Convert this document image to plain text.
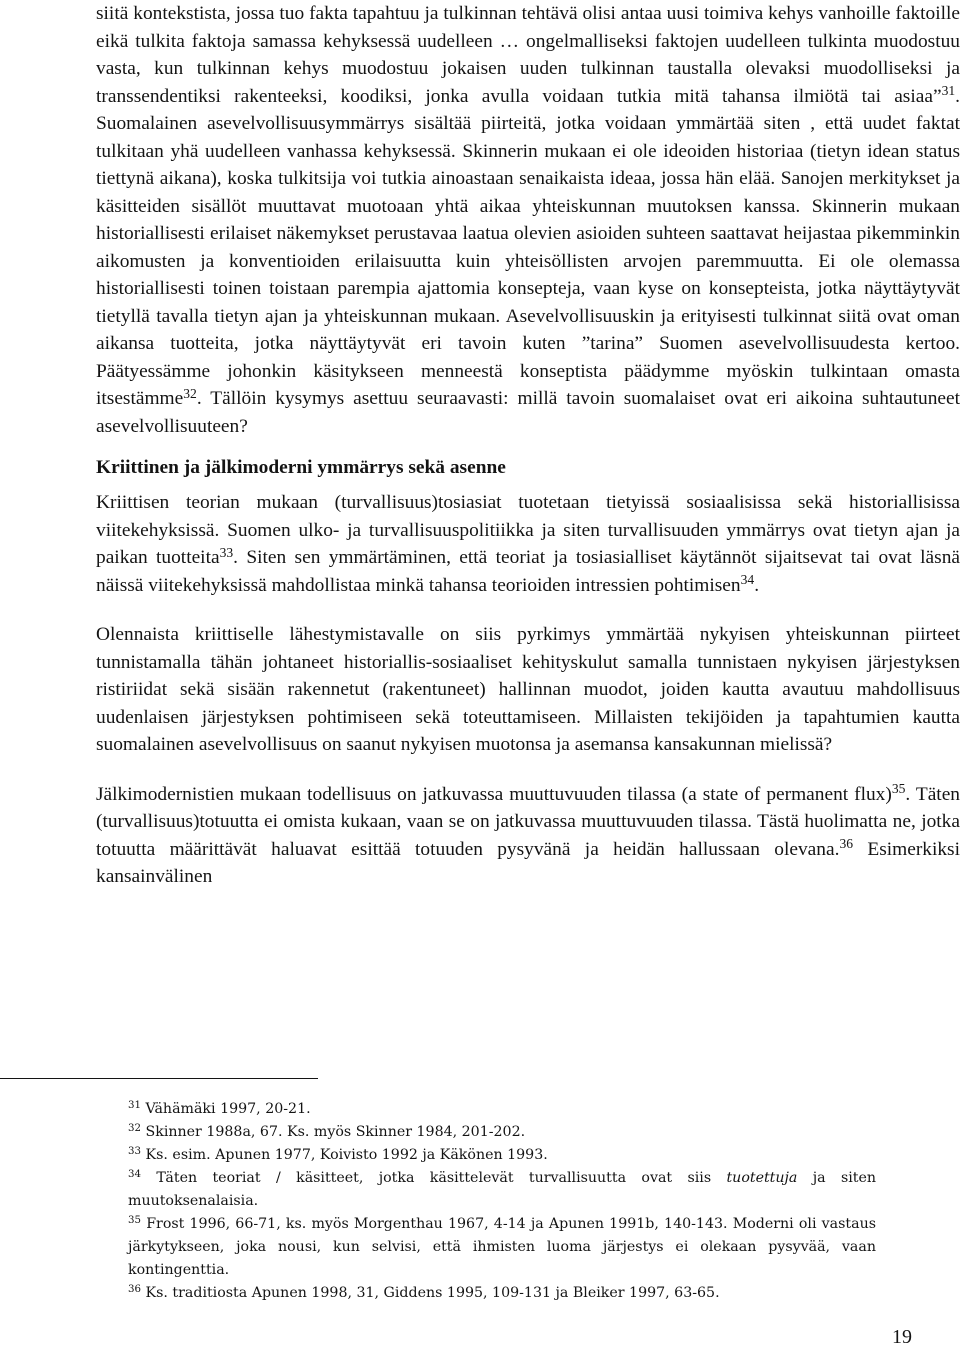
siitä kontekstista, jossa tuo fakta tapahtuu ja tulkinnan tehtävä olisi antaa uusi toimiva kehys vanhoille faktoille eikä tulkita faktoja samassa kehyksessä uudelleen … ongelmalliseksi faktojen uudelleen tulkinta muodostuu vasta, kun tulkinnan kehys muodostuu jokaisen uuden tulkinnan taustalla olevaksi muodolliseksi ja transsendentiksi rakenteeksi, koodiksi, jonka avulla voidaan tutkia mitä tahansa ilmiötä tai asiaa”$^{31}$. Suomalainen asevelvollisuusymmärrys sisältää piirteitä, jotka voidaan ymmärtää siten , että uudet faktat tulkitaan yhä uudelleen vanhassa kehyksessä. Skinnerin mukaan ei ole ideoiden historiaa (tietyn idean status tiettynä aikana), koska tulkitsija voi tutkia ainoastaan senaikaista ideaa, jossa hän elää. Sanojen merkitykset ja käsitteiden sisällöt muuttavat muotoaan yhtä aikaa yhteiskunnan muutoksen kanssa. Skinnerin mukaan historiallisesti erilaiset näkemykset perustavaa laatua olevien asioiden suhteen saattavat heijastaa pikemminkin aikomusten ja konventioiden erilaisuutta kuin yhteisöllisten arvojen paremmuutta. Ei ole olemassa historiallisesti toinen toistaan parempia ajattomia konsepteja, vaan kyse on konsepteista, jotka näyttäytyvät tietyllä tavalla tietyn ajan ja yhteiskunnan mukaan. Asevelvollisuuskin ja erityisesti tulkinnat siitä ovat oman aikansa tuotteita, jotka näyttäytyvät eri tavoin kuten ”tarina” Suomen asevelvollisuudesta kertoo. Päätyessämme johonkin käsitykseen menneestä konseptista päädymme myöskin tulkintaan omasta itsestämme$^{32}$. Tällöin kysymys asettuu seuraavasti: millä tavoin suomalaiset ovat eri aikoina suhtautuneet asevelvollisuuteen?

Kriittinen ja jälkimoderni ymmärrys sekä asenne

Kriittisen teorian mukaan (turvallisuus)tosiasiat tuotetaan tietyissä sosiaalisissa sekä historiallisissa viitekehyksissä. Suomen ulko- ja turvallisuuspolitiikka ja siten turvallisuuden ymmärrys ovat tietyn ajan ja paikan tuotteita$^{33}$. Siten sen ymmärtäminen, että teoriat ja tosiasialliset käytännöt sijaitsevat tai ovat läsnä näissä viitekehyksissä mahdollistaa minkä tahansa teorioiden intressien pohtimisen$^{34}$.

Olennaista kriittiselle lähestymistavalle on siis pyrkimys ymmärtää nykyisen yhteiskunnan piirteet tunnistamalla tähän johtaneet historiallis-sosiaaliset kehityskulut samalla tunnistaen nykyisen järjestyksen ristiriidat sekä sisään rakennetut (rakentuneet) hallinnan muodot, joiden kautta avautuu mahdollisuus uudenlaisen järjestyksen pohtimiseen sekä toteuttamiseen. Millaisten tekijöiden ja tapahtumien kautta suomalainen asevelvollisuus on saanut nykyisen muotonsa ja asemansa kansakunnan mielissä?

Jälkimodernistien mukaan todellisuus on jatkuvassa muuttuvuuden tilassa (a state of permanent flux)$^{35}$. Täten (turvallisuus)totuutta ei omista kukaan, vaan se on jatkuvassa muuttuvuuden tilassa. Tästä huolimatta ne, jotka totuutta määrittävät haluavat esittää totuuden pysyvänä ja heidän hallussaan olevana.$^{36}$ Esimerkiksi kansainvälinen

$^{31}$ Vähämäki 1997, 20-21.

$^{32}$ Skinner 1988a, 67. Ks. myös Skinner 1984, 201-202.

$^{33}$ Ks. esim. Apunen 1977, Koivisto 1992 ja Käkönen 1993.

$^{34}$ Täten teoriat / käsitteet, jotka käsittelevät turvallisuutta ovat siis tuotettuja ja siten muutoksenalaisia.

$^{35}$ Frost 1996, 66-71, ks. myös Morgenthau 1967, 4-14 ja Apunen 1991b, 140-143. Moderni oli vastaus järkytykseen, joka nousi, kun selvisi, että ihmisten luoma järjestys ei olekaan pysyvää, vaan kontingenttia.

$^{36}$ Ks. traditiosta Apunen 1998, 31, Giddens 1995, 109-131 ja Bleiker 1997, 63-65.

19
